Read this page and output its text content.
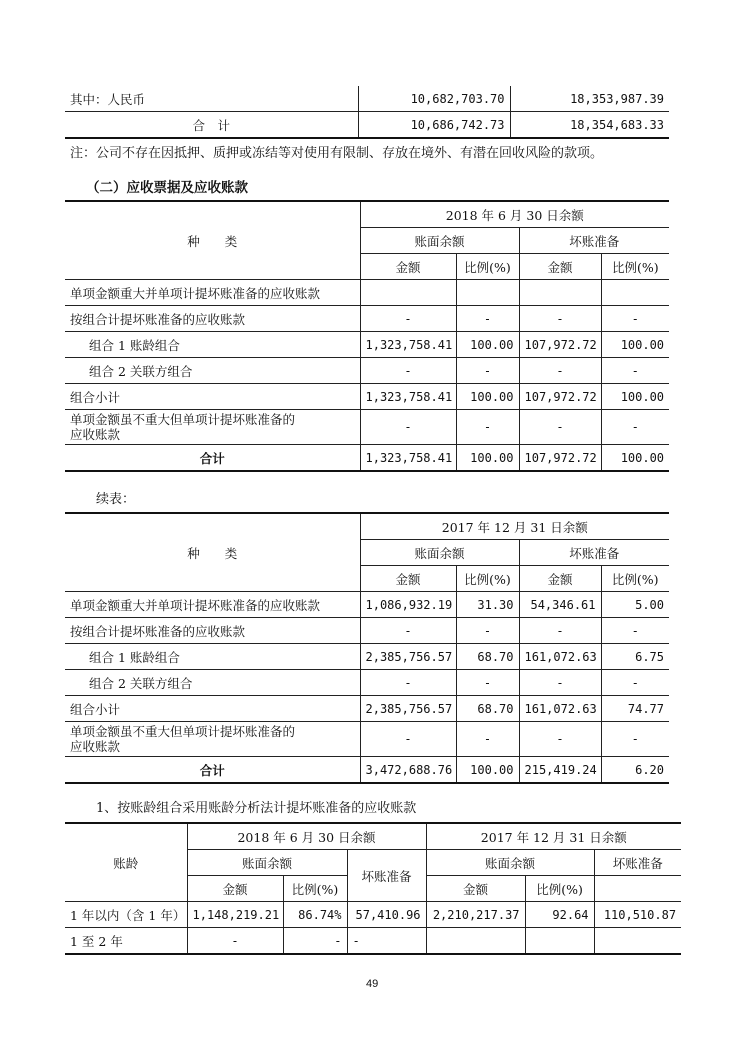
其中：人民币	10,682,703.70	18,353,987.39
合　计	10,686,742.73	18,354,683.33
注：公司不存在因抵押、质押或冻结等对使用有限制、存放在境外、有潜在回收风险的款项。
（二）应收票据及应收账款
种　　类	2018 年 6 月 30 日余额			
	账面余额		坏账准备	
	金额	比例(%)	金额	比例(%)
单项金额重大并单项计提坏账准备的应收账款				
按组合计提坏账准备的应收账款	-	-	-	-
组合 1 账龄组合	1,323,758.41	100.00	107,972.72	100.00
组合 2 关联方组合	-	-	-	-
组合小计	1,323,758.41	100.00	107,972.72	100.00
单项金额虽不重大但单项计提坏账准备的应收账款	-	-	-	-
合计	1,323,758.41	100.00	107,972.72	100.00
续表：
种　　类	2017 年 12 月 31 日余额			
	账面余额		坏账准备	
	金额	比例(%)	金额	比例(%)
单项金额重大并单项计提坏账准备的应收账款	1,086,932.19	31.30	54,346.61	5.00
按组合计提坏账准备的应收账款	-	-	-	-
组合 1 账龄组合	2,385,756.57	68.70	161,072.63	6.75
组合 2 关联方组合	-	-	-	-
组合小计	2,385,756.57	68.70	161,072.63	74.77
单项金额虽不重大但单项计提坏账准备的应收账款	-	-	-	-
合计	3,472,688.76	100.00	215,419.24	6.20
1、按账龄组合采用账龄分析法计提坏账准备的应收账款
账龄	2018 年 6 月 30 日余额			2017 年 12 月 31 日余额		
	账面余额		坏账准备	账面余额		坏账准备
	金额	比例(%)		金额	比例(%)	
1 年以内（含 1 年）	1,148,219.21	86.74%	57,410.96	2,210,217.37	92.64	110,510.87
1 至 2 年	-	-	-			
49
